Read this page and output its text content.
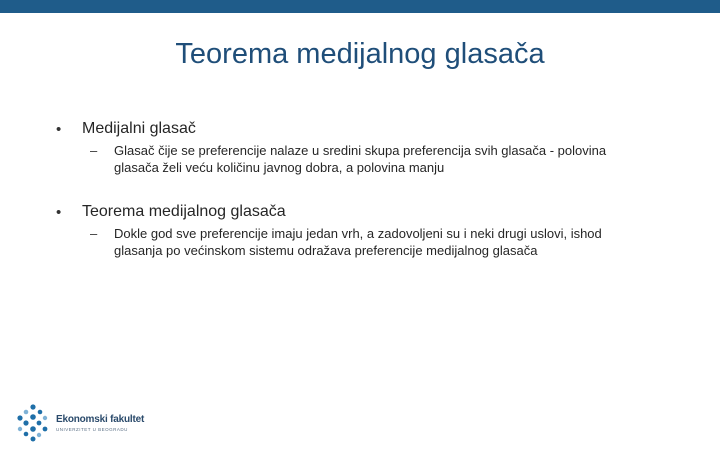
Teorema medijalnog glasača
• Medijalni glasač
– Glasač čije se preferencije nalaze u sredini skupa preferencija svih glasača - polovina glasača želi veću količinu javnog dobra, a polovina manju
• Teorema medijalnog glasača
– Dokle god sve preferencije imaju jedan vrh, a zadovoljeni su i neki drugi uslovi, ishod glasanja po većinskom sistemu odražava preferencije medijalnog glasača
Ekonomski fakultet
UNIVERZITET U BEOGRADU
